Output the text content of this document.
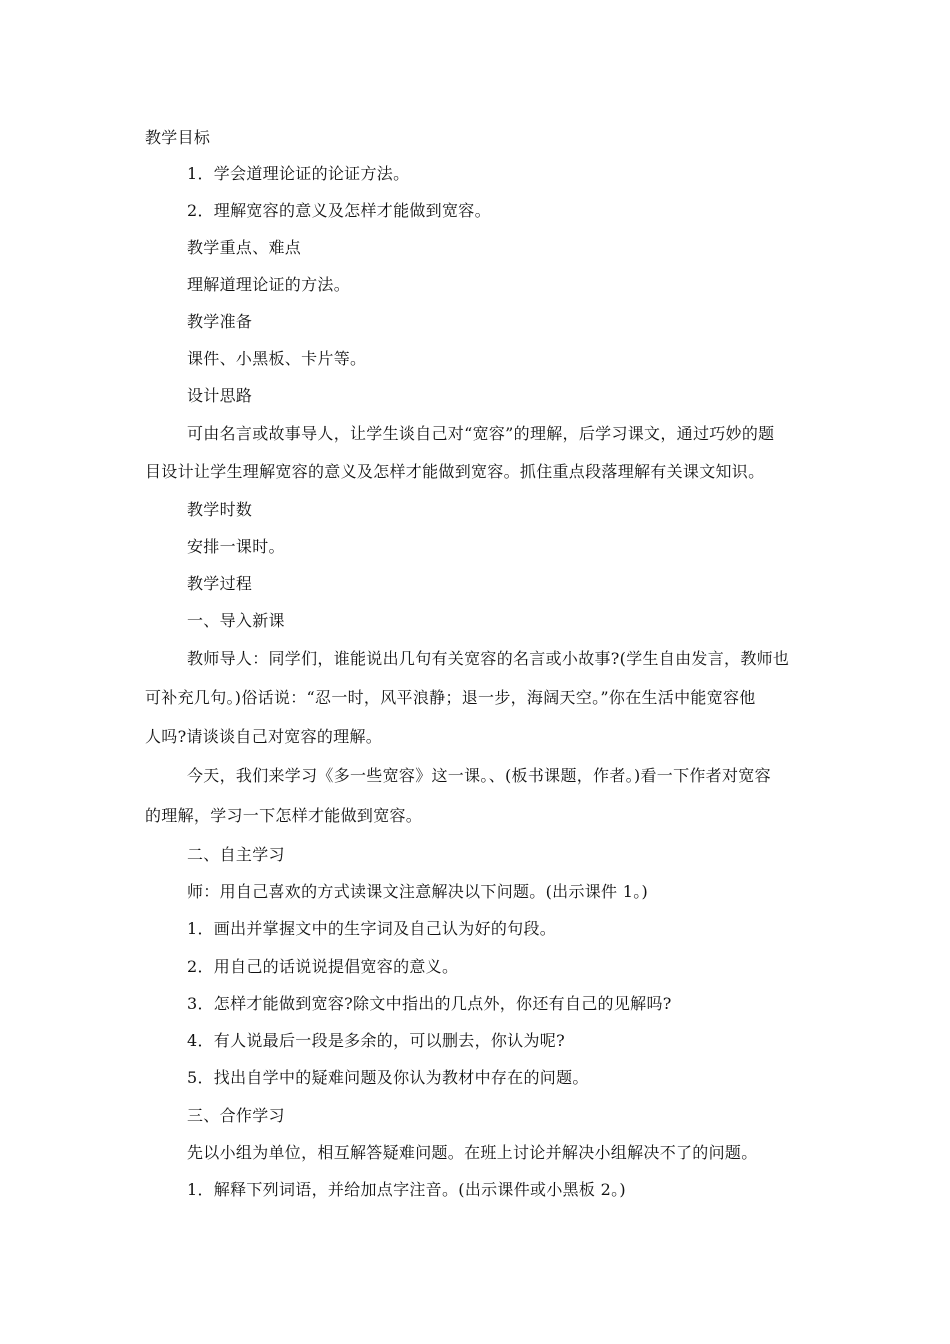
教学目标
1．学会道理论证的论证方法。
2．理解宽容的意义及怎样才能做到宽容。
教学重点、难点
理解道理论证的方法。
教学准备
课件、小黑板、卡片等。
设计思路
可由名言或故事导人，让学生谈自己对“宽容”的理解，后学习课文，通过巧妙的题
目设计让学生理解宽容的意义及怎样才能做到宽容。抓住重点段落理解有关课文知识。
教学时数
安排一课时。
教学过程
一、导入新课
教师导人：同学们，谁能说出几句有关宽容的名言或小故事?(学生自由发言，教师也
可补充几句。)俗话说：“忍一时，风平浪静；退一步，海阔天空。”你在生活中能宽容他
人吗?请谈谈自己对宽容的理解。
今天，我们来学习《多一些宽容》这一课。、(板书课题，作者。)看一下作者对宽容
的理解，学习一下怎样才能做到宽容。
二、自主学习
师：用自己喜欢的方式读课文注意解决以下问题。(出示课件 1。)
1．画出并掌握文中的生字词及自己认为好的句段。
2．用自己的话说说提倡宽容的意义。
3．怎样才能做到宽容?除文中指出的几点外，你还有自己的见解吗?
4．有人说最后一段是多余的，可以删去，你认为呢?
5．找出自学中的疑难问题及你认为教材中存在的问题。
三、合作学习
先以小组为单位，相互解答疑难问题。在班上讨论并解决小组解决不了的问题。
1．解释下列词语，并给加点字注音。(出示课件或小黑板 2。)
